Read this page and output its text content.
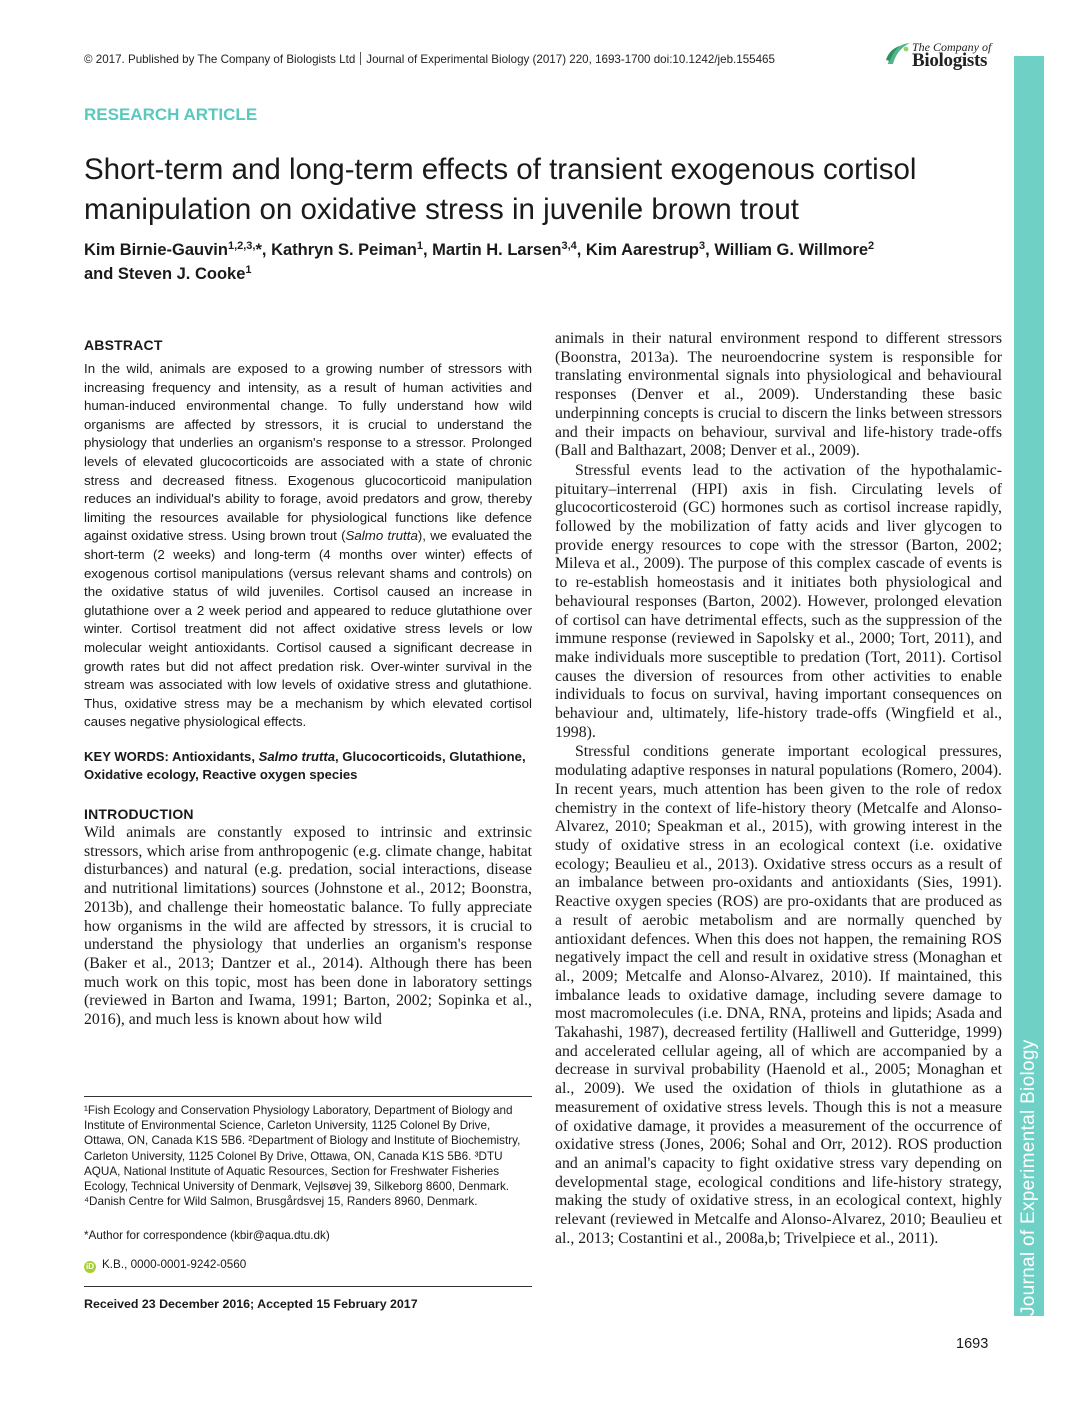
© 2017. Published by The Company of Biologists Ltd Journal of Experimental Biology (2017) 220, 1693-1700 doi:10.1242/jeb.155465
The Company of
Biologists
Journal of Experimental Biology
RESEARCH ARTICLE
Short-term and long-term effects of transient exogenous cortisol manipulation on oxidative stress in juvenile brown trout
Kim Birnie-Gauvin$^{1,2,3,}$*, Kathryn S. Peiman$^1$, Martin H. Larsen$^{3,4}$, Kim Aarestrup$^3$, William G. Willmore$^2$
and Steven J. Cooke$^1$
ABSTRACT

In the wild, animals are exposed to a growing number of stressors with increasing frequency and intensity, as a result of human activities and human-induced environmental change. To fully understand how wild organisms are affected by stressors, it is crucial to understand the physiology that underlies an organism's response to a stressor. Prolonged levels of elevated glucocorticoids are associated with a state of chronic stress and decreased fitness. Exogenous glucocorticoid manipulation reduces an individual's ability to forage, avoid predators and grow, thereby limiting the resources available for physiological functions like defence against oxidative stress. Using brown trout (Salmo trutta), we evaluated the short-term (2 weeks) and long-term (4 months over winter) effects of exogenous cortisol manipulations (versus relevant shams and controls) on the oxidative status of wild juveniles. Cortisol caused an increase in glutathione over a 2 week period and appeared to reduce glutathione over winter. Cortisol treatment did not affect oxidative stress levels or low molecular weight antioxidants. Cortisol caused a significant decrease in growth rates but did not affect predation risk. Over-winter survival in the stream was associated with low levels of oxidative stress and glutathione. Thus, oxidative stress may be a mechanism by which elevated cortisol causes negative physiological effects.

KEY WORDS: Antioxidants, Salmo trutta, Glucocorticoids, Glutathione, Oxidative ecology, Reactive oxygen species

INTRODUCTION

Wild animals are constantly exposed to intrinsic and extrinsic stressors, which arise from anthropogenic (e.g. climate change, habitat disturbances) and natural (e.g. predation, social interactions, disease and nutritional limitations) sources (Johnstone et al., 2012; Boonstra, 2013b), and challenge their homeostatic balance. To fully appreciate how organisms in the wild are affected by stressors, it is crucial to understand the physiology that underlies an organism's response (Baker et al., 2013; Dantzer et al., 2014). Although there has been much work on this topic, most has been done in laboratory settings (reviewed in Barton and Iwama, 1991; Barton, 2002; Sopinka et al., 2016), and much less is known about how wild

¹Fish Ecology and Conservation Physiology Laboratory, Department of Biology and Institute of Environmental Science, Carleton University, 1125 Colonel By Drive, Ottawa, ON, Canada K1S 5B6. ²Department of Biology and Institute of Biochemistry, Carleton University, 1125 Colonel By Drive, Ottawa, ON, Canada K1S 5B6. ³DTU AQUA, National Institute of Aquatic Resources, Section for Freshwater Fisheries Ecology, Technical University of Denmark, Vejlsøvej 39, Silkeborg 8600, Denmark. ⁴Danish Centre for Wild Salmon, Brusgårdsvej 15, Randers 8960, Denmark.

*Author for correspondence (kbir@aqua.dtu.dk)

iD K.B., 0000-0001-9242-0560

Received 23 December 2016; Accepted 15 February 2017

animals in their natural environment respond to different stressors (Boonstra, 2013a). The neuroendocrine system is responsible for translating environmental signals into physiological and behavioural responses (Denver et al., 2009). Understanding these basic underpinning concepts is crucial to discern the links between stressors and their impacts on behaviour, survival and life-history trade-offs (Ball and Balthazart, 2008; Denver et al., 2009).

Stressful events lead to the activation of the hypothalamic-pituitary–interrenal (HPI) axis in fish. Circulating levels of glucocorticosteroid (GC) hormones such as cortisol increase rapidly, followed by the mobilization of fatty acids and liver glycogen to provide energy resources to cope with the stressor (Barton, 2002; Mileva et al., 2009). The purpose of this complex cascade of events is to re-establish homeostasis and it initiates both physiological and behavioural responses (Barton, 2002). However, prolonged elevation of cortisol can have detrimental effects, such as the suppression of the immune response (reviewed in Sapolsky et al., 2000; Tort, 2011), and make individuals more susceptible to predation (Tort, 2011). Cortisol causes the diversion of resources from other activities to enable individuals to focus on survival, having important consequences on behaviour and, ultimately, life-history trade-offs (Wingfield et al., 1998).

Stressful conditions generate important ecological pressures, modulating adaptive responses in natural populations (Romero, 2004). In recent years, much attention has been given to the role of redox chemistry in the context of life-history theory (Metcalfe and Alonso-Alvarez, 2010; Speakman et al., 2015), with growing interest in the study of oxidative stress in an ecological context (i.e. oxidative ecology; Beaulieu et al., 2013). Oxidative stress occurs as a result of an imbalance between pro-oxidants and antioxidants (Sies, 1991). Reactive oxygen species (ROS) are pro-oxidants that are produced as a result of aerobic metabolism and are normally quenched by antioxidant defences. When this does not happen, the remaining ROS negatively impact the cell and result in oxidative stress (Monaghan et al., 2009; Metcalfe and Alonso-Alvarez, 2010). If maintained, this imbalance leads to oxidative damage, including severe damage to most macromolecules (i.e. DNA, RNA, proteins and lipids; Asada and Takahashi, 1987), decreased fertility (Halliwell and Gutteridge, 1999) and accelerated cellular ageing, all of which are accompanied by a decrease in survival probability (Haenold et al., 2005; Monaghan et al., 2009). We used the oxidation of thiols in glutathione as a measurement of oxidative stress levels. Though this is not a measure of oxidative damage, it provides a measurement of the occurrence of oxidative stress (Jones, 2006; Sohal and Orr, 2012). ROS production and an animal's capacity to fight oxidative stress vary depending on developmental stage, ecological conditions and life-history strategy, making the study of oxidative stress, in an ecological context, highly relevant (reviewed in Metcalfe and Alonso-Alvarez, 2010; Beaulieu et al., 2013; Costantini et al., 2008a,b; Trivelpiece et al., 2011).

1693
